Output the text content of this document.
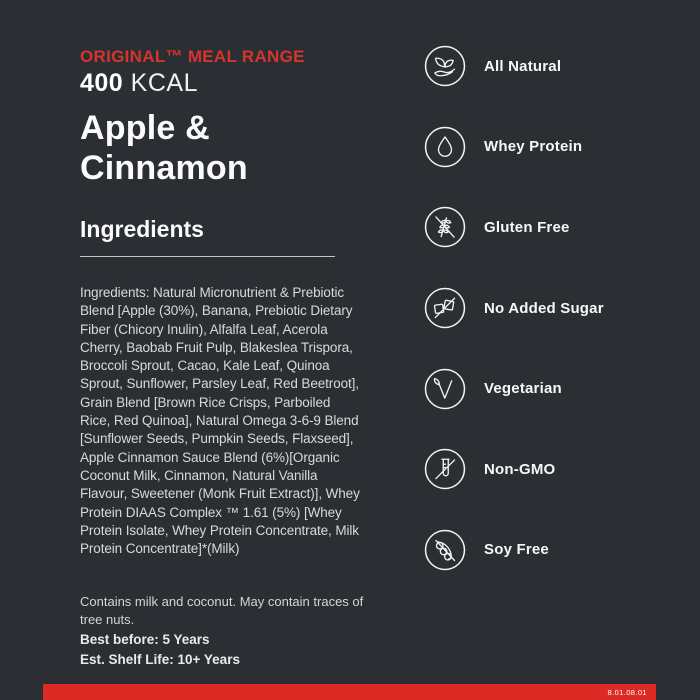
ORIGINAL™ MEAL RANGE
400 KCAL
Apple &
Cinnamon
Ingredients
Ingredients: Natural Micronutrient & Prebiotic Blend [Apple (30%), Banana, Prebiotic Dietary Fiber (Chicory Inulin), Alfalfa Leaf, Acerola Cherry, Baobab Fruit Pulp, Blakeslea Trispora, Broccoli Sprout, Cacao, Kale Leaf, Quinoa Sprout, Sunflower, Parsley Leaf, Red Beetroot], Grain Blend [Brown Rice Crisps, Parboiled Rice, Red Quinoa], Natural Omega 3-6-9 Blend [Sunflower Seeds, Pumpkin Seeds, Flaxseed], Apple Cinnamon Sauce Blend (6%)[Organic Coconut Milk, Cinnamon, Natural Vanilla Flavour, Sweetener (Monk Fruit Extract)], Whey Protein DIAAS Complex ™ 1.61 (5%) [Whey Protein Isolate, Whey Protein Concentrate, Milk Protein Concentrate]*(Milk)
Contains milk and coconut. May contain traces of tree nuts.
Best before: 5 Years
Est. Shelf Life: 10+ Years
All Natural
Whey Protein
Gluten Free
No Added Sugar
Vegetarian
Non-GMO
Soy Free
8.01.08.01
